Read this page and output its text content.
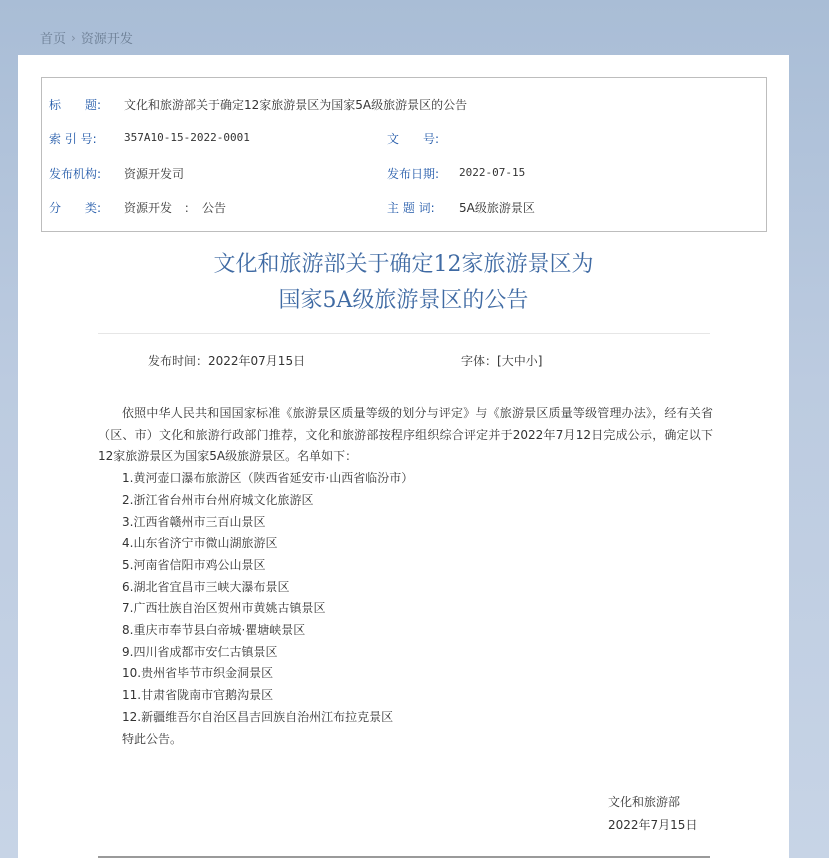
首页 › 资源开发
标　　题: 文化和旅游部关于确定12家旅游景区为国家5A级旅游景区的公告
索 引 号: 357A10-15-2022-0001	文　　号:
发布机构: 资源开发司	发布日期: 2022-07-15
分　　类: 资源开发　：　公告	主 题 词: 5A级旅游景区
文化和旅游部关于确定12家旅游景区为
国家5A级旅游景区的公告
发布时间：2022年07月15日	字体：[大中小]

依照中华人民共和国国家标准《旅游景区质量等级的划分与评定》与《旅游景区质量等级管理办法》，经有关省（区、市）文化和旅游行政部门推荐，文化和旅游部按程序组织综合评定并于2022年7月12日完成公示，确定以下12家旅游景区为国家5A级旅游景区。名单如下：

1.黄河壶口瀑布旅游区（陕西省延安市·山西省临汾市）
2.浙江省台州市台州府城文化旅游区
3.江西省赣州市三百山景区
4.山东省济宁市微山湖旅游区
5.河南省信阳市鸡公山景区
6.湖北省宜昌市三峡大瀑布景区
7.广西壮族自治区贺州市黄姚古镇景区
8.重庆市奉节县白帝城·瞿塘峡景区
9.四川省成都市安仁古镇景区
10.贵州省毕节市织金洞景区
11.甘肃省陇南市官鹅沟景区
12.新疆维吾尔自治区昌吉回族自治州江布拉克景区
特此公告。
文化和旅游部
2022年7月15日
